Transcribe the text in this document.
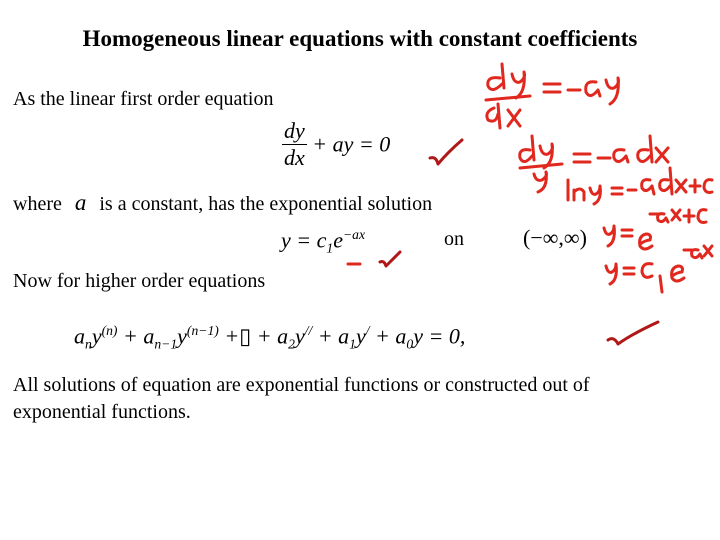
Homogeneous linear equations with constant coefficients
As the linear first order equation
$\frac{dy}{dx}$ + ay = 0
where a is a constant, has the exponential solution
$y = c_1e^{-ax}$	on	(−∞,∞)
Now for higher order equations
$a_ny^{(n)} + a_{n-1}y^{(n-1)}$ +▯ + $a_2y^{//} + a_1y^/ + a_0y = 0$,
All solutions of equation are exponential functions or constructed out of
exponential functions.
